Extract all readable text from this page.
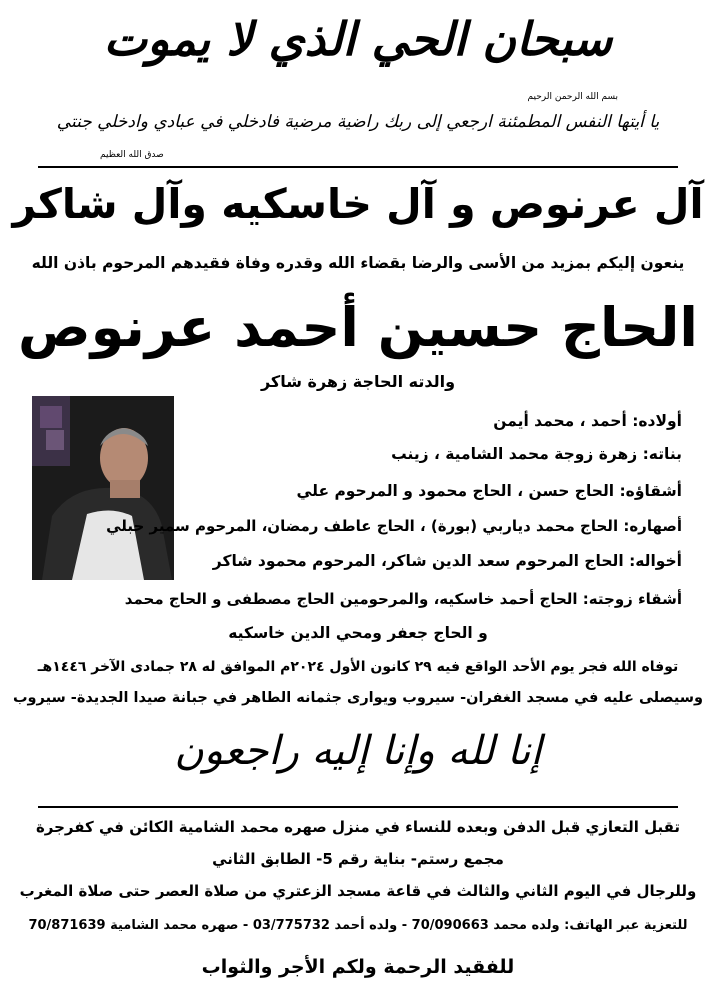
سبحان الحي الذي لا يموت
بسم الله الرحمن الرحيم
يا أيتها النفس المطمئنة ارجعي إلى ربك راضية مرضية فادخلي في عبادي وادخلي جنتي
صدق الله العظيم
آل عرنوص و آل خاسكيه وآل شاكر
ينعون إليكم بمزيد من الأسى والرضا بقضاء الله وقدره وفاة فقيدهم المرحوم باذن الله
الحاج حسين أحمد عرنوص
والدته الحاجة زهرة شاكر
أولاده: أحمد ، محمد أيمن
بناته: زهرة زوجة محمد الشامية ، زينب
أشقاؤه: الحاج حسن ، الحاج محمود و المرحوم علي
أصهاره: الحاج محمد دياربي (بورة) ، الحاج عاطف رمضان، المرحوم سمير حبلي
أخواله: الحاج المرحوم سعد الدين شاكر، المرحوم محمود شاكر
أشقاء زوجته: الحاج أحمد خاسكيه، والمرحومين الحاج مصطفى و الحاج محمد
و الحاج جعفر ومحي الدين خاسكيه
توفاه الله فجر يوم الأحد الواقع فيه ٢٩ كانون الأول ٢٠٢٤م الموافق له ٢٨ جمادى الآخر ١٤٤٦هـ
وسيصلى عليه في مسجد الغفران- سيروب ويوارى جثمانه الطاهر في جبانة صيدا الجديدة- سيروب
إنا لله وإنا إليه راجعون
تقبل التعازي قبل الدفن وبعده للنساء في منزل صهره محمد الشامية الكائن في كفرجرة
مجمع رستم- بناية رقم 5- الطابق الثاني
وللرجال في اليوم الثاني والثالث في قاعة مسجد الزعتري من صلاة العصر حتى صلاة المغرب
للتعزية عبر الهاتف: ولده محمد 70/090663 - ولده أحمد 03/775732 - صهره محمد الشامية 70/871639
للفقيد الرحمة ولكم الأجر والثواب
